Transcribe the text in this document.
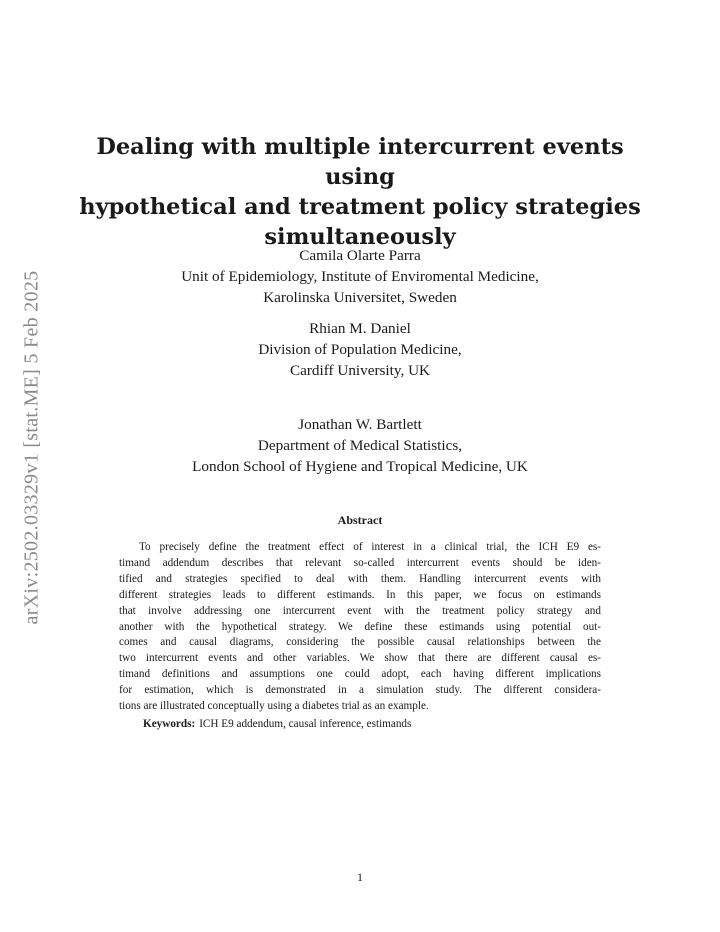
arXiv:2502.03329v1 [stat.ME] 5 Feb 2025
Dealing with multiple intercurrent events using
hypothetical and treatment policy strategies
simultaneously
Camila Olarte Parra
Unit of Epidemiology, Institute of Enviromental Medicine,
Karolinska Universitet, Sweden
Rhian M. Daniel
Division of Population Medicine,
Cardiff University, UK
Jonathan W. Bartlett
Department of Medical Statistics,
London School of Hygiene and Tropical Medicine, UK
Abstract
To precisely define the treatment effect of interest in a clinical trial, the ICH E9 es-
timand addendum describes that relevant so-called intercurrent events should be iden-
tified and strategies specified to deal with them. Handling intercurrent events with
different strategies leads to different estimands. In this paper, we focus on estimands
that involve addressing one intercurrent event with the treatment policy strategy and
another with the hypothetical strategy. We define these estimands using potential out-
comes and causal diagrams, considering the possible causal relationships between the
two intercurrent events and other variables. We show that there are different causal es-
timand definitions and assumptions one could adopt, each having different implications
for estimation, which is demonstrated in a simulation study. The different considera-
tions are illustrated conceptually using a diabetes trial as an example.
Keywords: ICH E9 addendum, causal inference, estimands
1
